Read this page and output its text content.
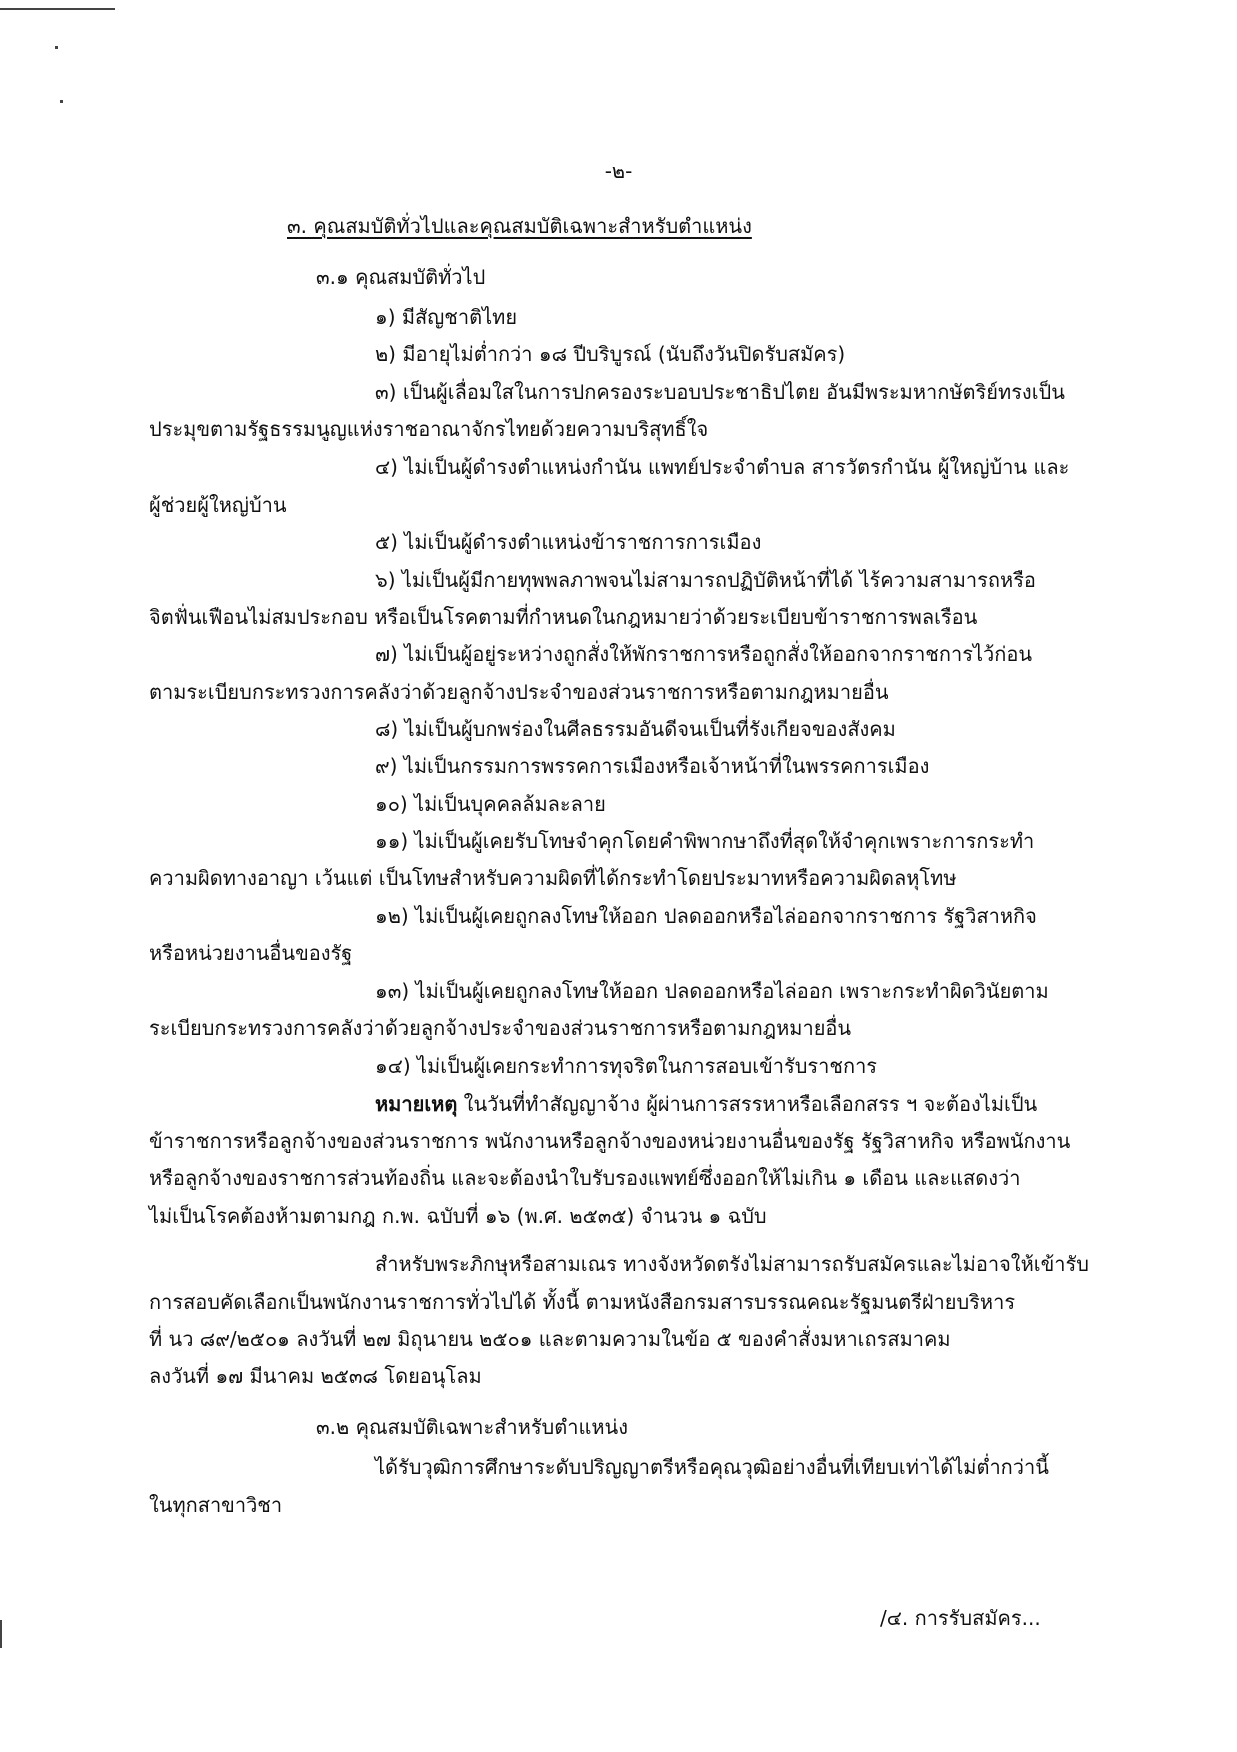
-๒-
๓. คุณสมบัติทั่วไปและคุณสมบัติเฉพาะสำหรับตำแหน่ง
๓.๑ คุณสมบัติทั่วไป
๑) มีสัญชาติไทย
๒) มีอายุไม่ต่ำกว่า ๑๘ ปีบริบูรณ์ (นับถึงวันปิดรับสมัคร)
๓) เป็นผู้เลื่อมใสในการปกครองระบอบประชาธิปไตย อันมีพระมหากษัตริย์ทรงเป็น
ประมุขตามรัฐธรรมนูญแห่งราชอาณาจักรไทยด้วยความบริสุทธิ์ใจ
๔) ไม่เป็นผู้ดำรงตำแหน่งกำนัน แพทย์ประจำตำบล สารวัตรกำนัน ผู้ใหญ่บ้าน และ
ผู้ช่วยผู้ใหญ่บ้าน
๕) ไม่เป็นผู้ดำรงตำแหน่งข้าราชการการเมือง
๖) ไม่เป็นผู้มีกายทุพพลภาพจนไม่สามารถปฏิบัติหน้าที่ได้ ไร้ความสามารถหรือ
จิตฟั่นเฟือนไม่สมประกอบ หรือเป็นโรคตามที่กำหนดในกฎหมายว่าด้วยระเบียบข้าราชการพลเรือน
๗) ไม่เป็นผู้อยู่ระหว่างถูกสั่งให้พักราชการหรือถูกสั่งให้ออกจากราชการไว้ก่อน
ตามระเบียบกระทรวงการคลังว่าด้วยลูกจ้างประจำของส่วนราชการหรือตามกฎหมายอื่น
๘) ไม่เป็นผู้บกพร่องในศีลธรรมอันดีจนเป็นที่รังเกียจของสังคม
๙) ไม่เป็นกรรมการพรรคการเมืองหรือเจ้าหน้าที่ในพรรคการเมือง
๑๐) ไม่เป็นบุคคลล้มละลาย
๑๑) ไม่เป็นผู้เคยรับโทษจำคุกโดยคำพิพากษาถึงที่สุดให้จำคุกเพราะการกระทำ
ความผิดทางอาญา เว้นแต่ เป็นโทษสำหรับความผิดที่ได้กระทำโดยประมาทหรือความผิดลหุโทษ
๑๒) ไม่เป็นผู้เคยถูกลงโทษให้ออก ปลดออกหรือไล่ออกจากราชการ รัฐวิสาหกิจ
หรือหน่วยงานอื่นของรัฐ
๑๓) ไม่เป็นผู้เคยถูกลงโทษให้ออก ปลดออกหรือไล่ออก เพราะกระทำผิดวินัยตาม
ระเบียบกระทรวงการคลังว่าด้วยลูกจ้างประจำของส่วนราชการหรือตามกฎหมายอื่น
๑๔) ไม่เป็นผู้เคยกระทำการทุจริตในการสอบเข้ารับราชการ
หมายเหตุ ในวันที่ทำสัญญาจ้าง ผู้ผ่านการสรรหาหรือเลือกสรร ฯ จะต้องไม่เป็น
ข้าราชการหรือลูกจ้างของส่วนราชการ พนักงานหรือลูกจ้างของหน่วยงานอื่นของรัฐ รัฐวิสาหกิจ หรือพนักงาน
หรือลูกจ้างของราชการส่วนท้องถิ่น และจะต้องนำใบรับรองแพทย์ซึ่งออกให้ไม่เกิน ๑ เดือน และแสดงว่า
ไม่เป็นโรคต้องห้ามตามกฎ ก.พ. ฉบับที่ ๑๖ (พ.ศ. ๒๕๓๕) จำนวน ๑ ฉบับ
สำหรับพระภิกษุหรือสามเณร ทางจังหวัดตรังไม่สามารถรับสมัครและไม่อาจให้เข้ารับ
การสอบคัดเลือกเป็นพนักงานราชการทั่วไปได้ ทั้งนี้ ตามหนังสือกรมสารบรรณคณะรัฐมนตรีฝ่ายบริหาร
ที่ นว ๘๙/๒๕๐๑ ลงวันที่ ๒๗ มิถุนายน ๒๕๐๑ และตามความในข้อ ๕ ของคำสั่งมหาเถรสมาคม
ลงวันที่ ๑๗ มีนาคม ๒๕๓๘ โดยอนุโลม
๓.๒ คุณสมบัติเฉพาะสำหรับตำแหน่ง
ได้รับวุฒิการศึกษาระดับปริญญาตรีหรือคุณวุฒิอย่างอื่นที่เทียบเท่าได้ไม่ต่ำกว่านี้
ในทุกสาขาวิชา
/๔. การรับสมัคร...
